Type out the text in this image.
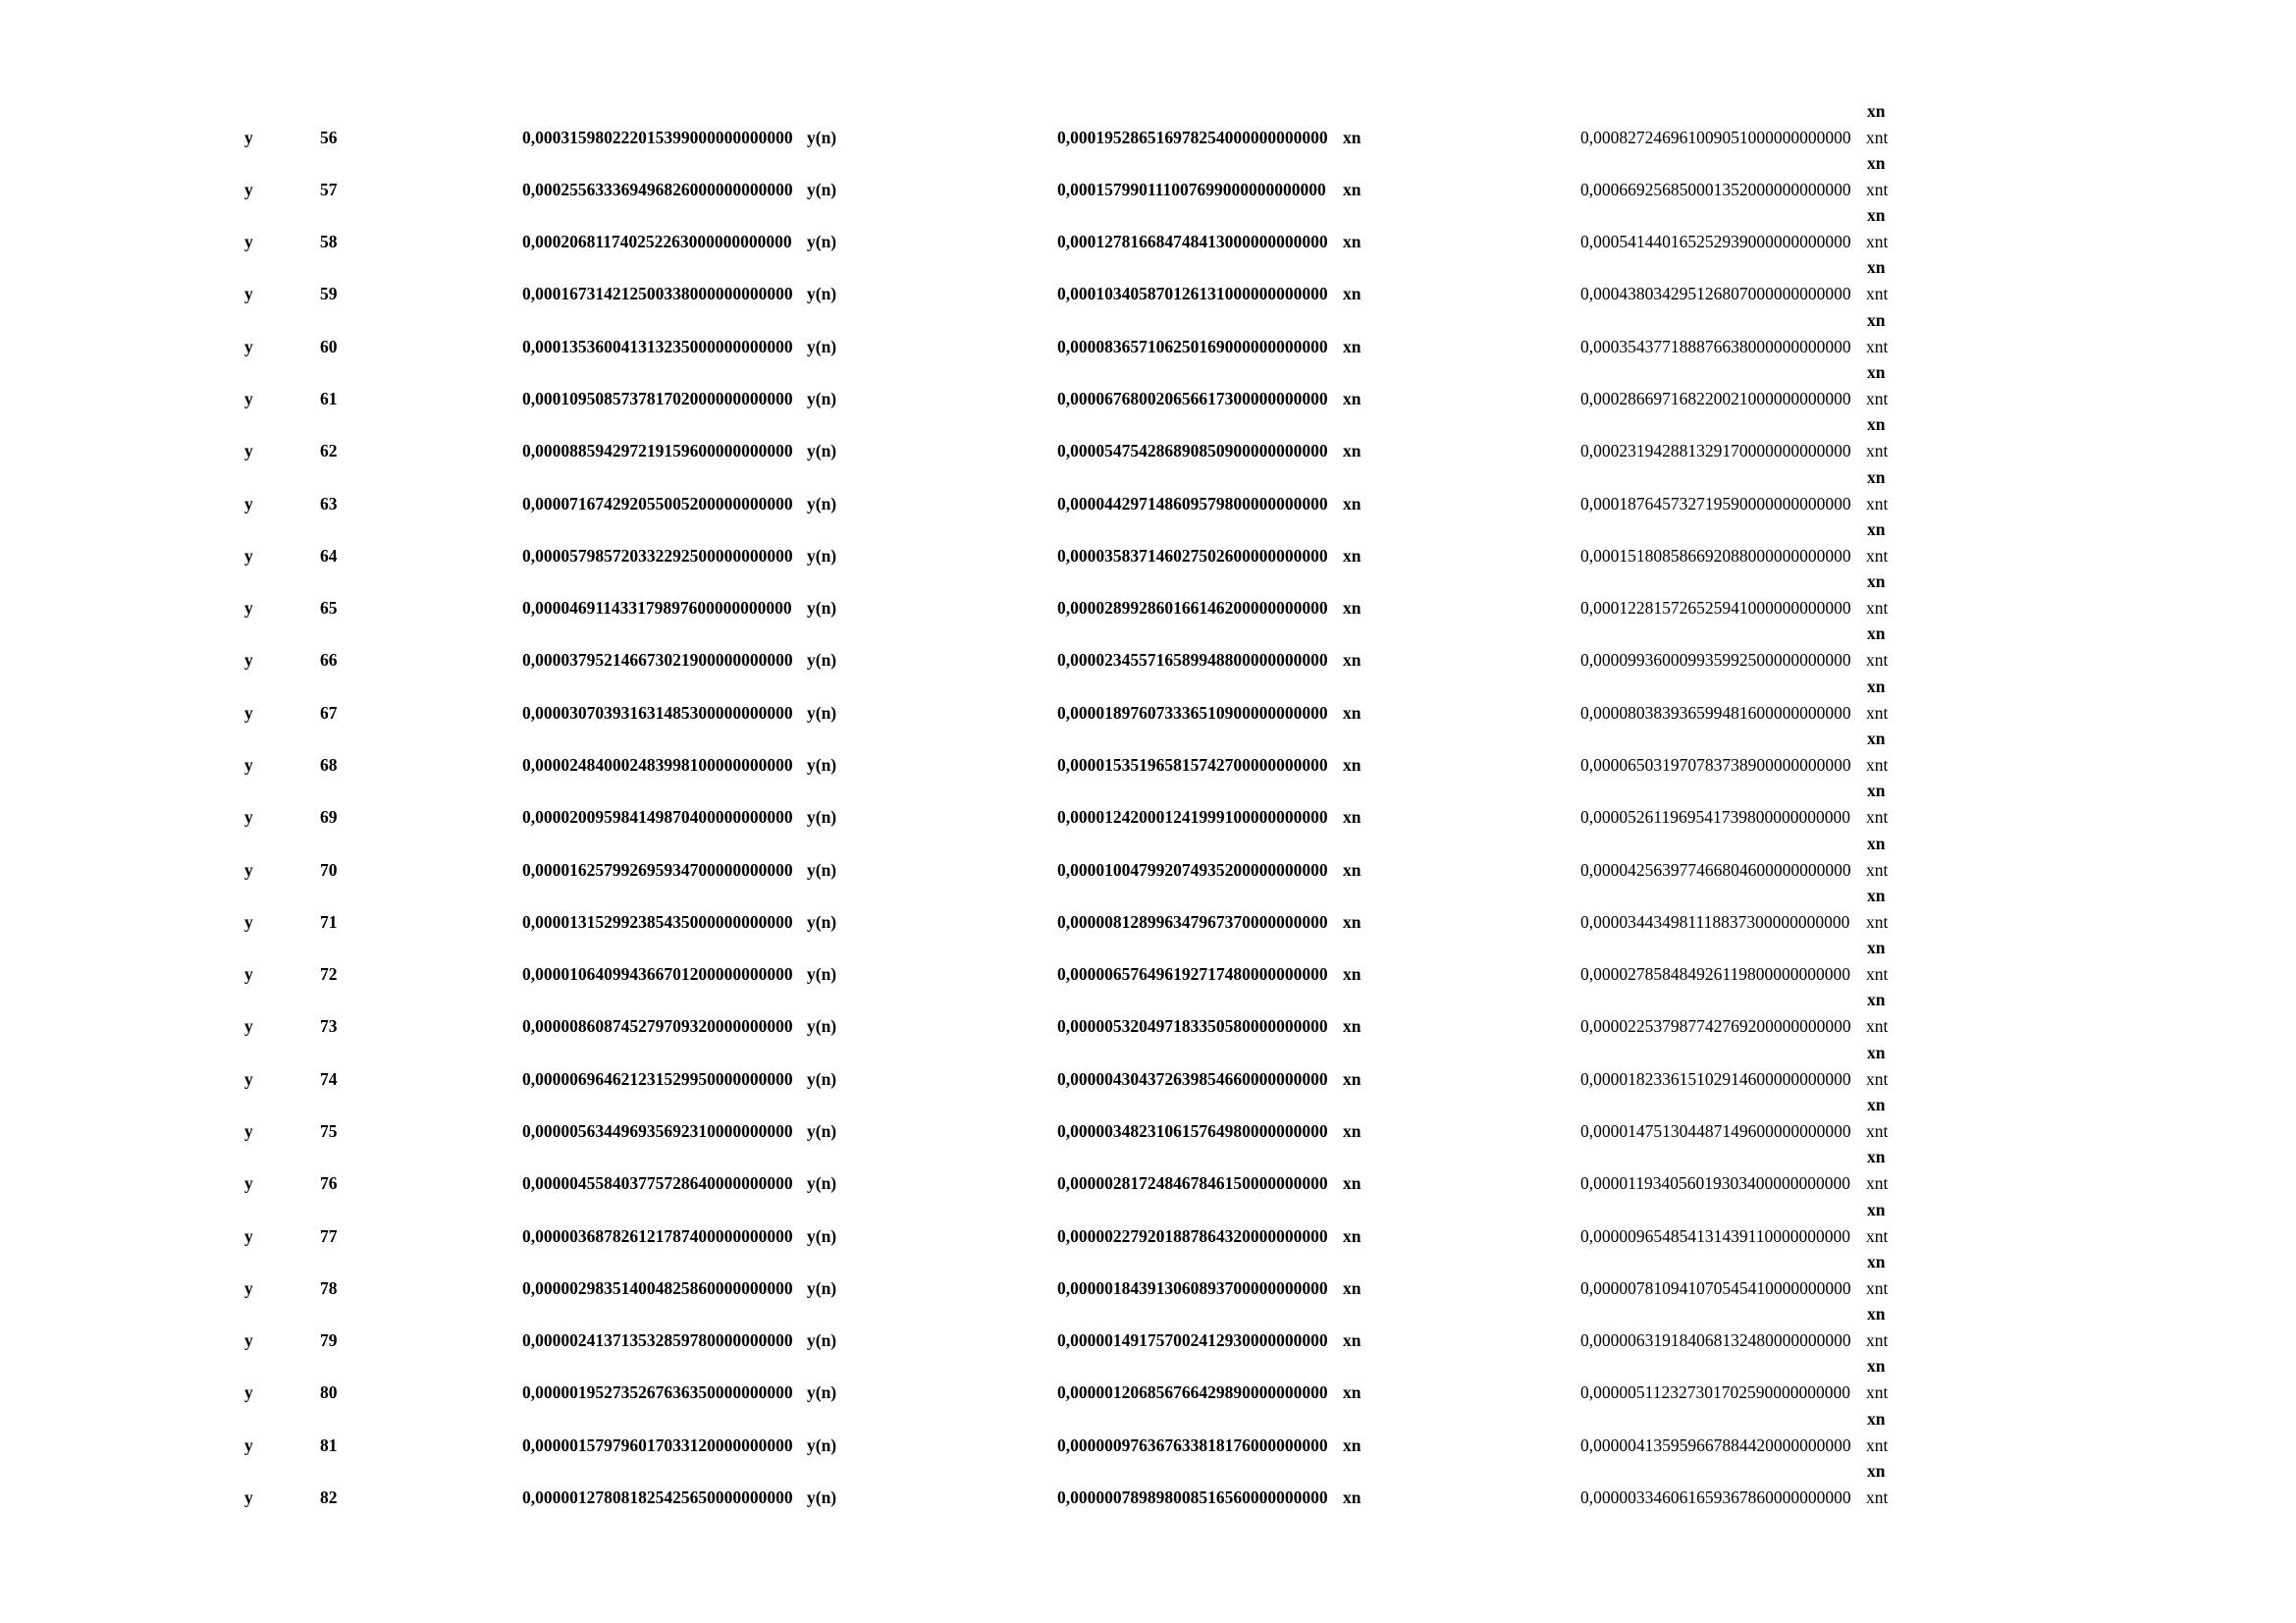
xn
y	56	0,000315980222015399000000000000 y(n)	0,000195286516978254000000000000 xn	0,000827246961009051000000000000 xnt
xn
y	57	0,000255633369496826000000000000 y(n)	0,000157990111007699000000000000 xn	0,000669256850001352000000000000 xnt
xn
y	58	0,000206811740252263000000000000 y(n)	0,000127816684748413000000000000 xn	0,000541440165252939000000000000 xnt
xn
y	59	0,000167314212500338000000000000 y(n)	0,000103405870126131000000000000 xn	0,000438034295126807000000000000 xnt
xn
y	60	0,000135360041313235000000000000 y(n)	0,000083657106250169000000000000 xn	0,000354377188876638000000000000 xnt
xn
y	61	0,000109508573781702000000000000 y(n)	0,000067680020656617300000000000 xn	0,000286697168220021000000000000 xnt
xn
y	62	0,000088594297219159600000000000 y(n)	0,000054754286890850900000000000 xn	0,000231942881329170000000000000 xnt
xn
y	63	0,000071674292055005200000000000 y(n)	0,000044297148609579800000000000 xn	0,000187645732719590000000000000 xnt
xn
y	64	0,000057985720332292500000000000 y(n)	0,000035837146027502600000000000 xn	0,000151808586692088000000000000 xnt
xn
y	65	0,000046911433179897600000000000 y(n)	0,000028992860166146200000000000 xn	0,000122815726525941000000000000 xnt
xn
y	66	0,000037952146673021900000000000 y(n)	0,000023455716589948800000000000 xn	0,000099360009935992500000000000 xnt
xn
y	67	0,000030703931631485300000000000 y(n)	0,000018976073336510900000000000 xn	0,000080383936599481600000000000 xnt
xn
y	68	0,000024840002483998100000000000 y(n)	0,000015351965815742700000000000 xn	0,000065031970783738900000000000 xnt
xn
y	69	0,000020095984149870400000000000 y(n)	0,000012420001241999100000000000 xn	0,000052611969541739800000000000 xnt
xn
y	70	0,000016257992695934700000000000 y(n)	0,000010047992074935200000000000 xn	0,000042563977466804600000000000 xnt
xn
y	71	0,000013152992385435000000000000 y(n)	0,000008128996347967370000000000 xn	0,000034434981118837300000000000 xnt
xn
y	72	0,000010640994366701200000000000 y(n)	0,000006576496192717480000000000 xn	0,000027858484926119800000000000 xnt
xn
y	73	0,000008608745279709320000000000 y(n)	0,000005320497183350580000000000 xn	0,000022537987742769200000000000 xnt
xn
y	74	0,000006964621231529950000000000 y(n)	0,000004304372639854660000000000 xn	0,000018233615102914600000000000 xnt
xn
y	75	0,000005634496935692310000000000 y(n)	0,000003482310615764980000000000 xn	0,000014751304487149600000000000 xnt
xn
y	76	0,000004558403775728640000000000 y(n)	0,000002817248467846150000000000 xn	0,000011934056019303400000000000 xnt
xn
y	77	0,000003687826121787400000000000 y(n)	0,000002279201887864320000000000 xn	0,000009654854131439110000000000 xnt
xn
y	78	0,000002983514004825860000000000 y(n)	0,000001843913060893700000000000 xn	0,000007810941070545410000000000 xnt
xn
y	79	0,000002413713532859780000000000 y(n)	0,000001491757002412930000000000 xn	0,000006319184068132480000000000 xnt
xn
y	80	0,000001952735267636350000000000 y(n)	0,000001206856766429890000000000 xn	0,000005112327301702590000000000 xnt
xn
y	81	0,000001579796017033120000000000 y(n)	0,000000976367633818176000000000 xn	0,000004135959667884420000000000 xnt
xn
y	82	0,000001278081825425650000000000 y(n)	0,000000789898008516560000000000 xn	0,000003346061659367860000000000 xnt
